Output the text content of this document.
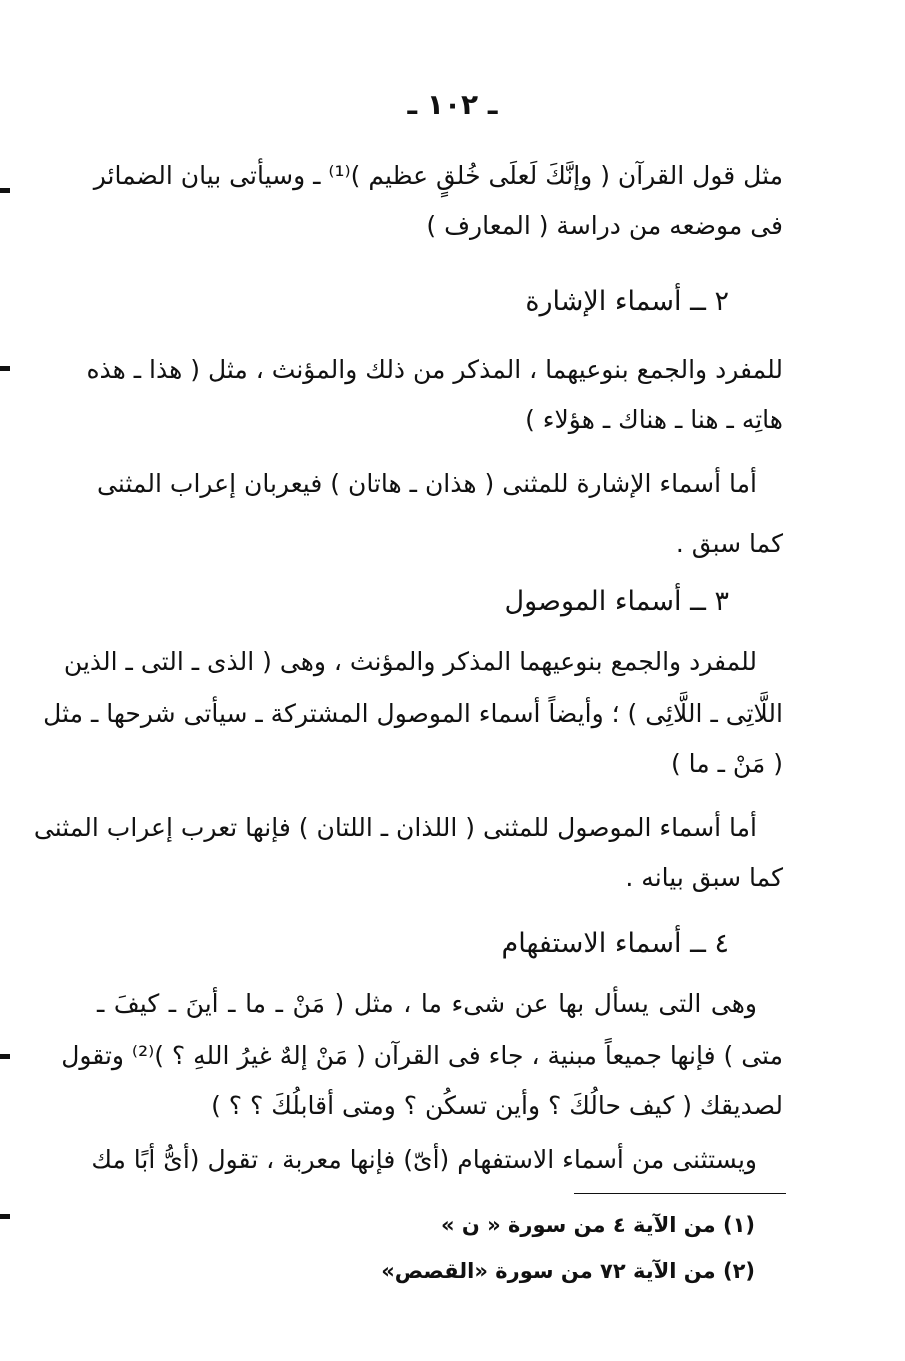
ـ ١٠٢ ـ
مثل قول القرآن ( وإنَّكَ لَعلَى خُلقٍ عظيم )⁽¹⁾ ـ وسيأتى بيان الضمائر
فى موضعه من دراسة ( المعارف )
٢ ــ أسماء الإشارة
للمفرد والجمع بنوعيهما ، المذكر من ذلك والمؤنث ، مثل ( هذا ـ هذه
هاتِه ـ هنا ـ هناك ـ هؤلاء )
أما أسماء الإشارة للمثنى ( هذان ـ هاتان ) فيعربان إعراب المثنى
كما سبق .
٣ ــ أسماء الموصول
للمفرد والجمع بنوعيهما المذكر والمؤنث ، وهى ( الذى ـ التى ـ الذين
اللَّاتِى ـ اللَّائِى ) ؛ وأيضاً أسماء الموصول المشتركة ـ سيأتى شرحها ـ مثل
( مَنْ ـ ما )
أما أسماء الموصول للمثنى ( اللذان ـ اللتان ) فإنها تعرب إعراب المثنى
كما سبق بيانه .
٤ ــ أسماء الاستفهام
وهى التى يسأل بها عن شىء ما ، مثل ( مَنْ ـ ما ـ أينَ ـ كيفَ ـ
متى ) فإنها جميعاً مبنية ، جاء فى القرآن ( مَنْ إلهٌ غيرُ اللهِ ؟ )⁽²⁾ وتقول
لصديقك ( كيف حالُكَ ؟ وأين تسكُن ؟ ومتى أقابلُكَ ؟ ؟ )
ويستثنى من أسماء الاستفهام (أىّ) فإنها معربة ، تقول (أىُّ أبًا مك
(١) من الآية ٤ من سورة « ن »
(٢) من الآية ٧٢ من سورة «القصص»
